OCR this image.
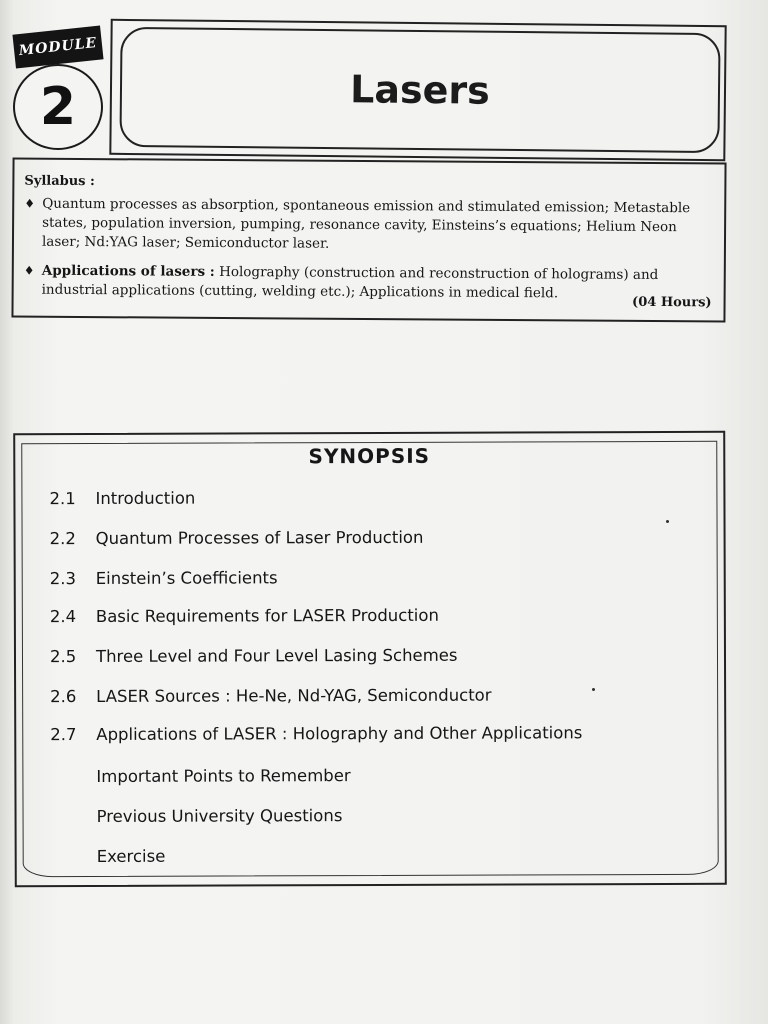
MODULE
2	Lasers
Syllabus :
♦ Quantum processes as absorption, spontaneous emission and stimulated emission; Metastable states, population inversion, pumping, resonance cavity, Einsteins’s equations; Helium Neon laser; Nd:YAG laser; Semiconductor laser.
♦ Applications of lasers : Holography (construction and reconstruction of holograms) and industrial applications (cutting, welding etc.); Applications in medical field.
(04 Hours)
SYNOPSIS
2.1 Introduction
2.2 Quantum Processes of Laser Production
2.3 Einstein’s Coefficients
2.4 Basic Requirements for LASER Production
2.5 Three Level and Four Level Lasing Schemes
2.6 LASER Sources : He-Ne, Nd-YAG, Semiconductor
2.7 Applications of LASER : Holography and Other Applications
Important Points to Remember
Previous University Questions
Exercise
